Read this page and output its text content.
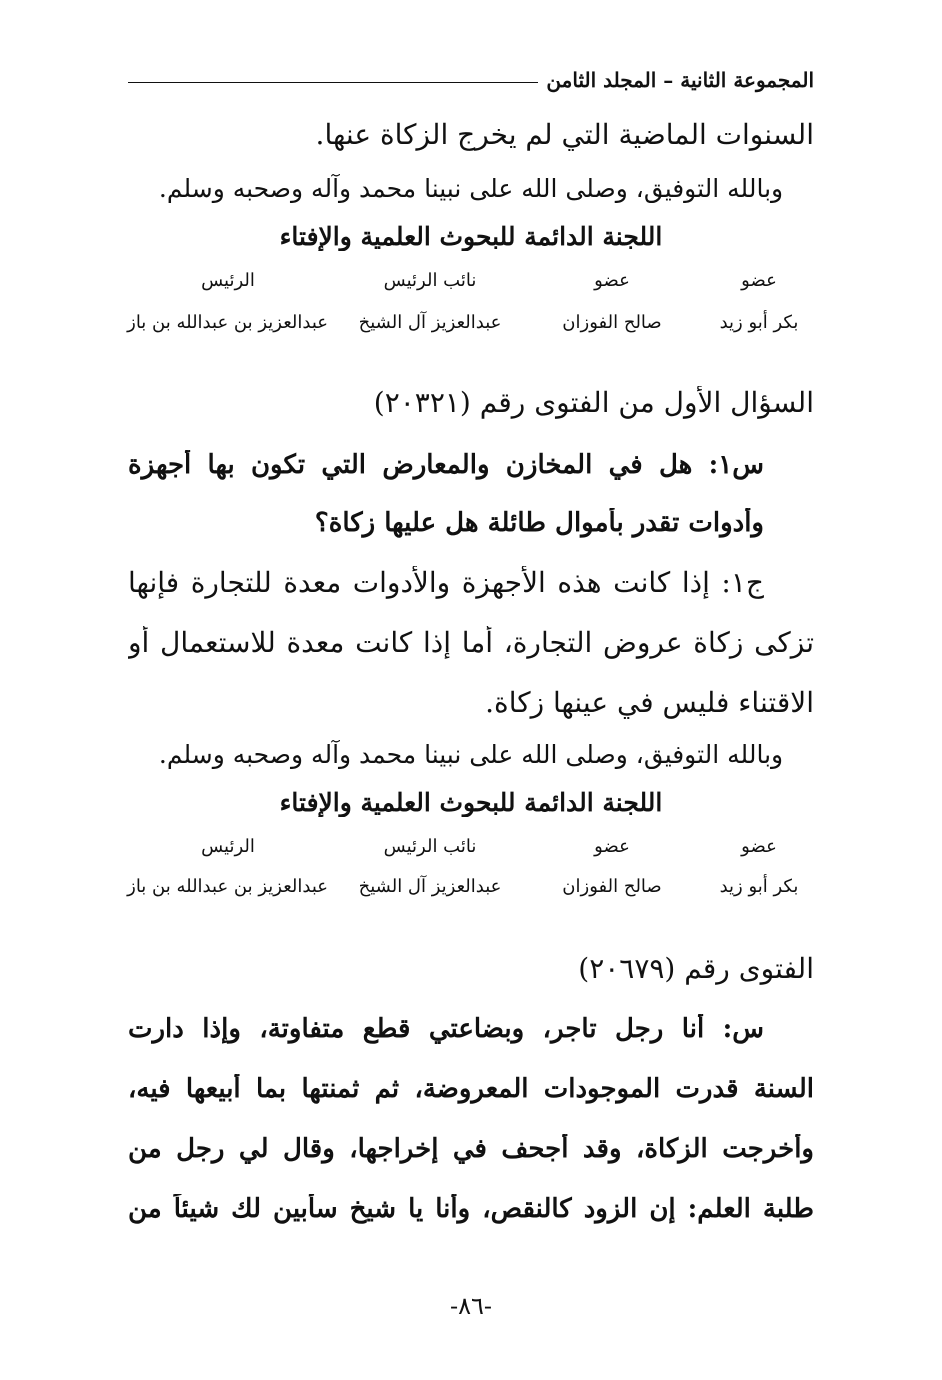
المجموعة الثانية – المجلد الثامن
السنوات الماضية التي لم يخرج الزكاة عنها.
وبالله التوفيق، وصلى الله على نبينا محمد وآله وصحبه وسلم.
اللجنة الدائمة للبحوث العلمية والإفتاء
عضو
عضو
نائب الرئيس
الرئيس
بكر أبو زيد
صالح الفوزان
عبدالعزيز آل الشيخ
عبدالعزيز بن عبدالله بن باز
السؤال الأول من الفتوى رقم (٢٠٣٢١)
س١: هل في المخازن والمعارض التي تكون بها أجهزة
وأدوات تقدر بأموال طائلة هل عليها زكاة؟
ج١: إذا كانت هذه الأجهزة والأدوات معدة للتجارة فإنها
تزكى زكاة عروض التجارة، أما إذا كانت معدة للاستعمال أو
الاقتناء فليس في عينها زكاة.
وبالله التوفيق، وصلى الله على نبينا محمد وآله وصحبه وسلم.
اللجنة الدائمة للبحوث العلمية والإفتاء
عضو
عضو
نائب الرئيس
الرئيس
بكر أبو زيد
صالح الفوزان
عبدالعزيز آل الشيخ
عبدالعزيز بن عبدالله بن باز
الفتوى رقم (٢٠٦٧٩)
س: أنا رجل تاجر، وبضاعتي قطع متفاوتة، وإذا دارت
السنة قدرت الموجودات المعروضة، ثم ثمنتها بما أبيعها فيه،
وأخرجت الزكاة، وقد أجحف في إخراجها، وقال لي رجل من
طلبة العلم: إن الزود كالنقص، وأنا يا شيخ سأبين لك شيئاً من
-٨٦-
